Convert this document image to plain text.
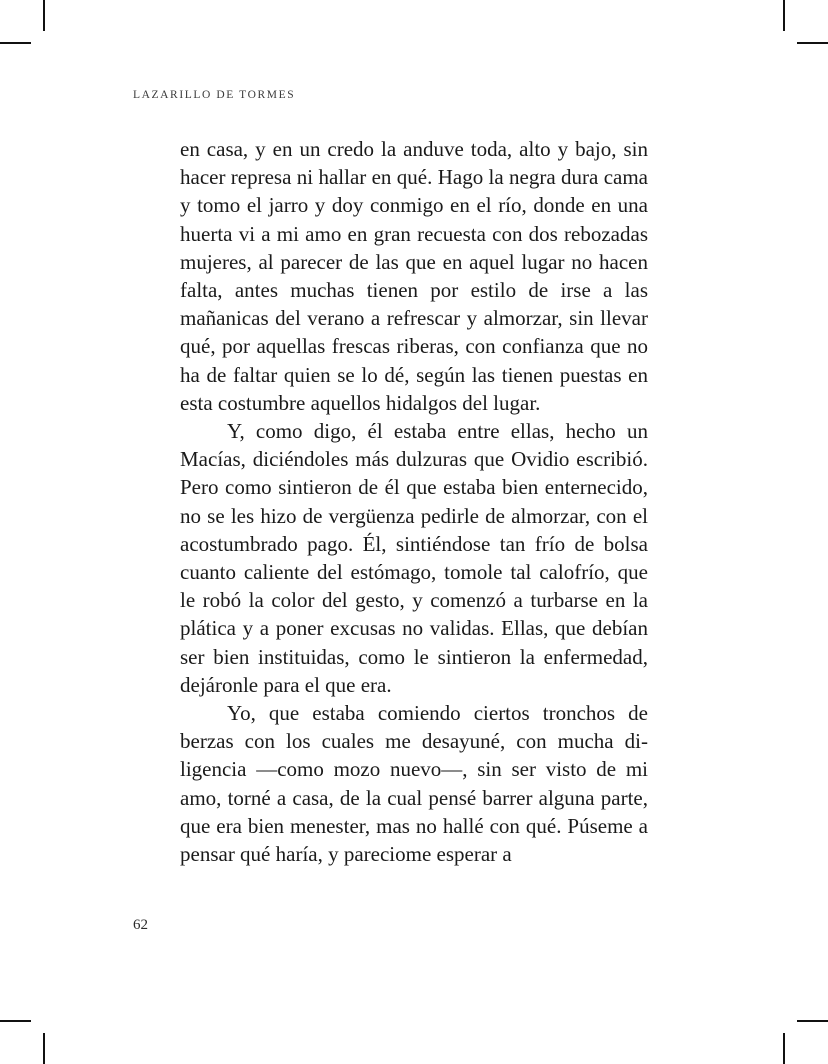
LAZARILLO DE TORMES

en casa, y en un credo la anduve toda, alto y bajo, sin hacer represa ni hallar en qué. Hago la negra dura cama y tomo el jarro y doy conmigo en el río, donde en una huerta vi a mi amo en gran recuesta con dos rebozadas mujeres, al parecer de las que en aquel lugar no hacen falta, antes muchas tienen por estilo de irse a las mañanicas del verano a refrescar y almorzar, sin llevar qué, por aquellas frescas riberas, con confianza que no ha de faltar quien se lo dé, según las tienen puestas en esta costumbre aquellos hidalgos del lugar.

Y, como digo, él estaba entre ellas, hecho un Macías, diciéndoles más dulzuras que Ovidio escribió. Pero como sintieron de él que estaba bien enternecido, no se les hizo de vergüenza pedirle de almorzar, con el acostumbrado pago. Él, sintiéndose tan frío de bolsa cuanto caliente del estómago, tomole tal calofrío, que le robó la color del gesto, y comenzó a turbarse en la plática y a poner excusas no validas. Ellas, que debían ser bien instituidas, como le sintieron la enfermedad, dejáronle para el que era.

Yo, que estaba comiendo ciertos tronchos de berzas con los cuales me desayuné, con mucha diligencia —como mozo nuevo—, sin ser visto de mi amo, torné a casa, de la cual pensé barrer alguna parte, que era bien menester, mas no hallé con qué. Púseme a pensar qué haría, y pareciome esperar a

62
